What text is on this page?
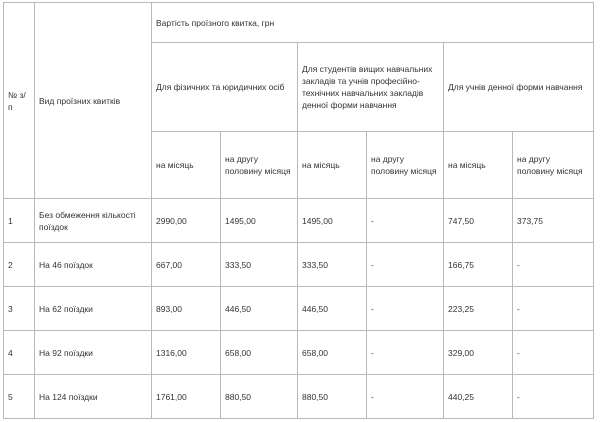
№ з/п	Вид проїзних квитків	Вартість проїзного квитка, грн					
		Для фізичних та юридичних осіб		Для студентів вищих навчальних закладів та учнів професійно-технічних навчальних закладів денної форми навчання		Для учнів денної форми навчання	
		на місяць	на другу половину місяця	на місяць	на другу половину місяця	на місяць	на другу половину місяця
1	Без обмеження кількості поїздок	2990,00	1495,00	1495,00	-	747,50	373,75
2	На 46 поїздок	667,00	333,50	333,50	-	166,75	-
3	На 62 поїздки	893,00	446,50	446,50	-	223,25	-
4	На 92 поїздки	1316,00	658,00	658,00	-	329,00	-
5	На 124 поїздки	1761,00	880,50	880,50	-	440,25	-
